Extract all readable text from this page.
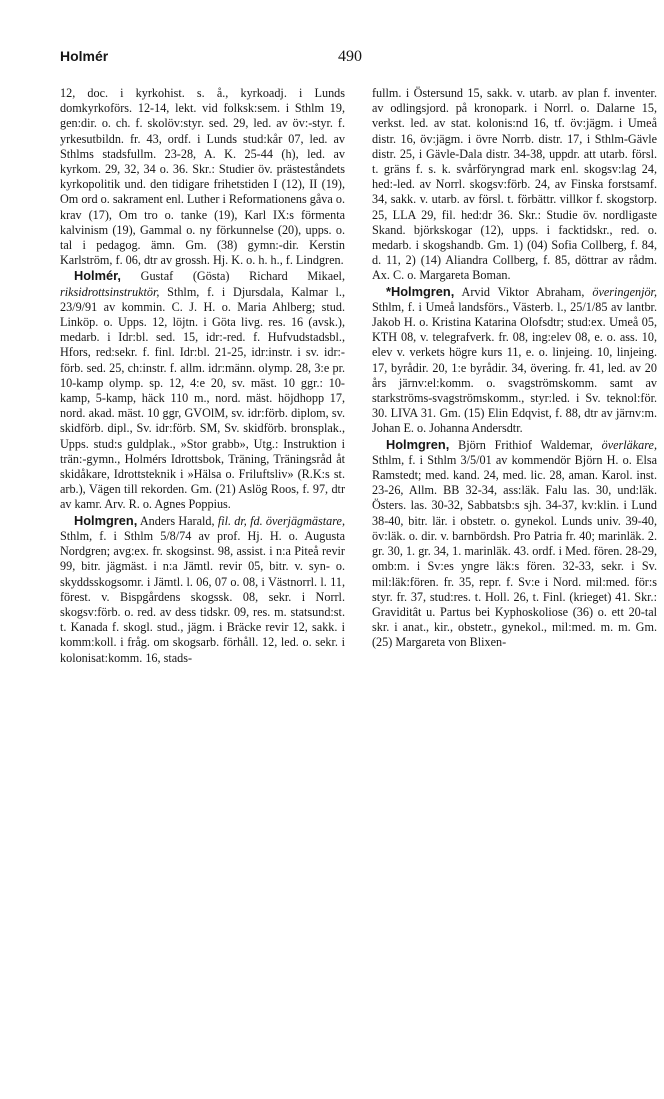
Holmér	490

12, doc. i kyrkohist. s. å., kyrkoadj. i Lunds domkyrkoförs. 12-14, lekt. vid folksk:sem. i Sthlm 19, gen:dir. o. ch. f. skolöv:styr. sed. 29, led. av öv:-styr. f. yrkesutbildn. fr. 43, ordf. i Lunds stud:kår 07, led. av Sthlms stadsfullm. 23-28, A. K. 25-44 (h), led. av kyrkom. 29, 32, 34 o. 36. Skr.: Studier öv. prästeståndets kyrkopolitik und. den tidigare frihetstiden I (12), II (19), Om ord o. sakrament enl. Luther i Reformationens gåva o. krav (17), Om tro o. tanke (19), Karl IX:s förmenta kalvinism (19), Gammal o. ny förkunnelse (20), upps. o. tal i pedagog. ämn. Gm. (38) gymn:-dir. Kerstin Karlström, f. 06, dtr av grossh. Hj. K. o. h. h., f. Lindgren.

Holmér, Gustaf (Gösta) Richard Mikael, riksidrottsinstruktör, Sthlm, f. i Djursdala, Kalmar l., 23/9/91 av kommin. C. J. H. o. Maria Ahlberg; stud. Linköp. o. Upps. 12, löjtn. i Göta livg. res. 16 (avsk.), medarb. i Idr:bl. sed. 15, idr:-red. f. Hufvudstadsbl., Hfors, red:sekr. f. finl. Idr:bl. 21-25, idr:instr. i sv. idr:-förb. sed. 25, ch:instr. f. allm. idr:männ. olymp. 28, 3:e pr. 10-kamp olymp. sp. 12, 4:e 20, sv. mäst. 10 ggr.: 10-kamp, 5-kamp, häck 110 m., nord. mäst. höjdhopp 17, nord. akad. mäst. 10 ggr, GVOlM, sv. idr:förb. diplom, sv. skidförb. dipl., Sv. idr:förb. SM, Sv. skidförb. bronsplak., Upps. stud:s guldplak., »Stor grabb», Utg.: Instruktion i trän:-gymn., Holmérs Idrottsbok, Träning, Träningsråd åt skidåkare, Idrottsteknik i »Hälsa o. Friluftsliv» (R.K:s st. arb.), Vägen till rekorden. Gm. (21) Aslög Roos, f. 97, dtr av kamr. Arv. R. o. Agnes Poppius.

Holmgren, Anders Harald, fil. dr, fd. överjägmästare, Sthlm, f. i Sthlm 5/8/74 av prof. Hj. H. o. Augusta Nordgren; avg:ex. fr. skogsinst. 98, assist. i n:a Piteå revir 99, bitr. jägmäst. i n:a Jämtl. revir 05, bitr. v. syn- o. skyddsskogsomr. i Jämtl. l. 06, 07 o. 08, i Västnorrl. l. 11, förest. v. Bispgårdens skogssk. 08, sekr. i Norrl. skogsv:förb. o. red. av dess tidskr. 09, res. m. statsund:st. t. Kanada f. skogl. stud., jägm. i Bräcke revir 12, sakk. i komm:koll. i fråg. om skogsarb. förhåll. 12, led. o. sekr. i kolonisat:komm. 16, stads-

fullm. i Östersund 15, sakk. v. utarb. av plan f. inventer. av odlingsjord. på kronopark. i Norrl. o. Dalarne 15, verkst. led. av stat. kolonis:nd 16, tf. öv:jägm. i Umeå distr. 16, öv:jägm. i övre Norrb. distr. 17, i Sthlm-Gävle distr. 25, i Gävle-Dala distr. 34-38, uppdr. att utarb. försl. t. gräns f. s. k. svårföryngrad mark enl. skogsv:lag 24, hed:-led. av Norrl. skogsv:förb. 24, av Finska forstsamf. 34, sakk. v. utarb. av försl. t. förbättr. villkor f. skogstorp. 25, LLA 29, fil. hed:dr 36. Skr.: Studie öv. nordligaste Skand. björkskogar (12), upps. i facktidskr., red. o. medarb. i skogshandb. Gm. 1) (04) Sofia Collberg, f. 84, d. 11, 2) (14) Aliandra Collberg, f. 85, döttrar av rådm. Ax. C. o. Margareta Boman.

*Holmgren, Arvid Viktor Abraham, överingenjör, Sthlm, f. i Umeå landsförs., Västerb. l., 25/1/85 av lantbr. Jakob H. o. Kristina Katarina Olofsdtr; stud:ex. Umeå 05, KTH 08, v. telegrafverk. fr. 08, ing:elev 08, e. o. ass. 10, elev v. verkets högre kurs 11, e. o. linjeing. 10, linjeing. 17, byrådir. 20, 1:e byrådir. 34, övering. fr. 41, led. av 20 års järnv:el:komm. o. svagströmskomm. samt av starkströms-svagströmskomm., styr:led. i Sv. teknol:för. 30. LIVA 31. Gm. (15) Elin Edqvist, f. 88, dtr av järnv:m. Johan E. o. Johanna Andersdtr.

Holmgren, Björn Frithiof Waldemar, överläkare, Sthlm, f. i Sthlm 3/5/01 av kommendör Björn H. o. Elsa Ramstedt; med. kand. 24, med. lic. 28, aman. Karol. inst. 23-26, Allm. BB 32-34, ass:läk. Falu las. 30, und:läk. Östers. las. 30-32, Sabbatsb:s sjh. 34-37, kv:klin. i Lund 38-40, bitr. lär. i obstetr. o. gynekol. Lunds univ. 39-40, öv:läk. o. dir. v. barnbördsh. Pro Patria fr. 40; marinläk. 2. gr. 30, 1. gr. 34, 1. marinläk. 43. ordf. i Med. fören. 28-29, omb:m. i Sv:es yngre läk:s fören. 32-33, sekr. i Sv. mil:läk:fören. fr. 35, repr. f. Sv:e i Nord. mil:med. för:s styr. fr. 37, stud:res. t. Holl. 26, t. Finl. (krieget) 41. Skr.: Graviditât u. Partus bei Kyphoskoliose (36) o. ett 20-tal skr. i anat., kir., obstetr., gynekol., mil:med. m. m. Gm. (25) Margareta von Blixen-
